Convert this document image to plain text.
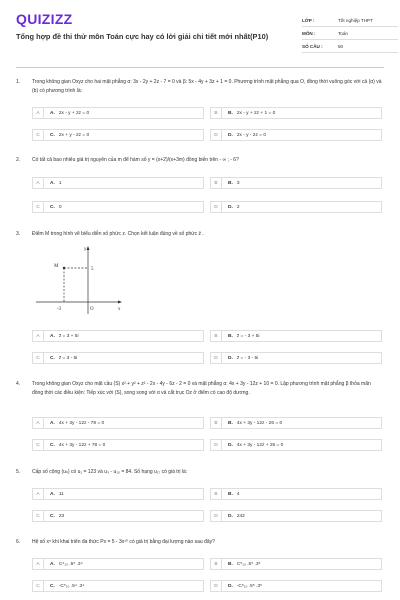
QUIZIZZ
Tổng hợp đề thi thử môn Toán cực hay có lời giải chi tiết mới nhất(P10)
LỚP :	Tốt nghiệp THPT
MÔN :	Toán
SỐ CÂU :	50
1. Trong không gian Oxyz cho hai mặt phẳng α: 3x - 2y + 2z - 7 = 0 và β: 5x - 4y + 3z + 1 = 0. Phương trình mặt phẳng qua O, đồng thời vuông góc với cả (α) và (b) có phương trình là:
A	A. 2x - y + 2z = 0	B	B. 2x - y + 2z + 1 = 0
C	C. 2x + y - 2z = 0	D	D. 2x - y - 2z = 0
2. Có tất cả bao nhiêu giá trị nguyên của m để hàm số y = (x+2)/(x+3m) đồng biến trên - ∞ ; - 6?
A	A. 1	B	B. 3
C	C. 0	D	D. 2
3. Điểm M trong hình vẽ biểu diễn số phức z. Chọn kết luận đúng về số phức z̄ .
y
x
M
5
-3	O
A	A. z̄ = 3 + 5i	B	B. z̄ = - 3 + 5i
C	C. z̄ = 3 - 5i	D	D. z̄ = - 3 - 5i
4. Trong không gian Oxyz cho mặt cầu (S) x² + y² + z² - 2x - 4y - 6z - 2 = 0 và mặt phẳng α: 4x + 3y - 12z + 10 = 0. Lập phương trình mặt phẳng β thỏa mãn đồng thời các điều kiện: Tiếp xúc với (S), song song với α và cắt trục Oz ở điểm có cao độ dương.
A	A. 4x + 3y - 12z - 78 = 0	B	B. 4x + 3y - 12z - 26 = 0
C	C. 4x + 3y - 12z + 78 = 0	D	D. 4x + 3y - 12z + 26 = 0
5. Cấp số cộng (uₙ) có u₁ = 123 và u₃ - u₁₅ = 84. Số hạng u₁₇ có giá trị là:
A	A. 11	B	B. 4
C	C. 23	D	D. 242
6. Hệ số x⁵ khi khai triển đa thức Px = 5 - 3x¹⁰ có giá trị bằng đại lượng nào sau đây?
A	A. C⁴₁₀ .5⁵ .3⁴	B	B. C⁵₁₀ .5⁵ .3⁵
C	C. -C⁵₁₀ .5⁴ .3⁴	D	D. -C⁵₁₀ .5⁵ .3⁵
